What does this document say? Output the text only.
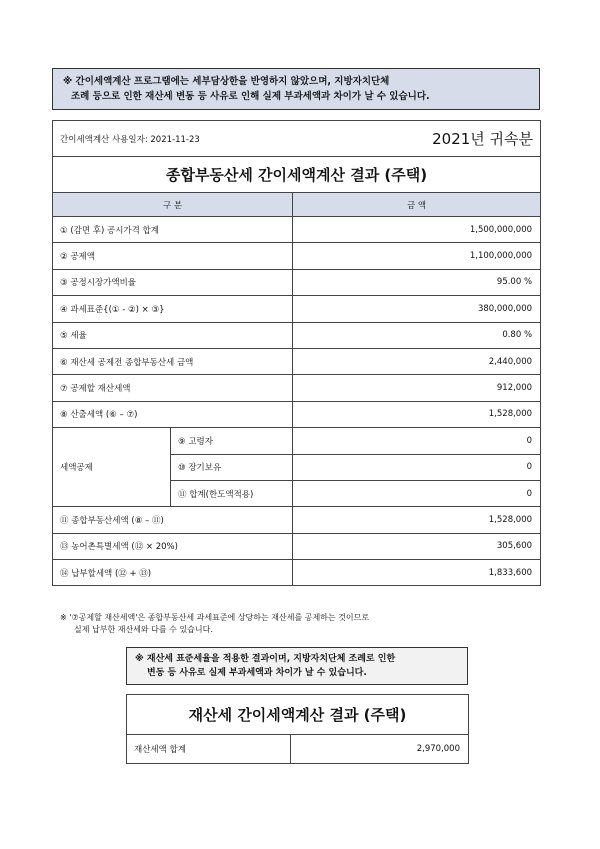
※ 간이세액계산 프로그램에는 세부담상한을 반영하지 않았으며, 지방자치단체
조례 등으로 인한 재산세 변동 등 사유로 인해 실제 부과세액과 차이가 날 수 있습니다.
간이세액계산 사용일자: 2021-11-23 2021년 귀속분		

종합부동산세 간이세액계산 결과 (주택)		
구 분		금 액
① (감면 후) 공시가격 합계		1,500,000,000
② 공제액		1,100,000,000
③ 공정시장가액비율		95.00 %
④ 과세표준{(① - ②) × ③}		380,000,000
⑤ 세율		0.80 %
⑥ 재산세 공제전 종합부동산세 금액		2,440,000
⑦ 공제할 재산세액		912,000
⑧ 산출세액 (⑥ – ⑦)		1,528,000
세액공제	⑨ 고령자	0
	⑩ 장기보유	0
	⑪ 합계(한도액적용)	0
⑪ 종합부동산세액 (⑧ – ⑪)		1,528,000
⑬ 농어촌특별세액 (⑫ × 20%)		305,600
⑭ 납부할세액 (⑫ + ⑬)		1,833,600
※ '⑦공제할 재산세액'은 종합부동산세 과세표준에 상당하는 재산세를 공제하는 것이므로
실제 납부한 재산세와 다를 수 있습니다.
※ 재산세 표준세율을 적용한 결과이며, 지방자치단체 조례로 인한
변동 등 사유로 실제 부과세액과 차이가 날 수 있습니다.
재산세 간이세액계산 결과 (주택)
재산세액 합계	2,970,000
